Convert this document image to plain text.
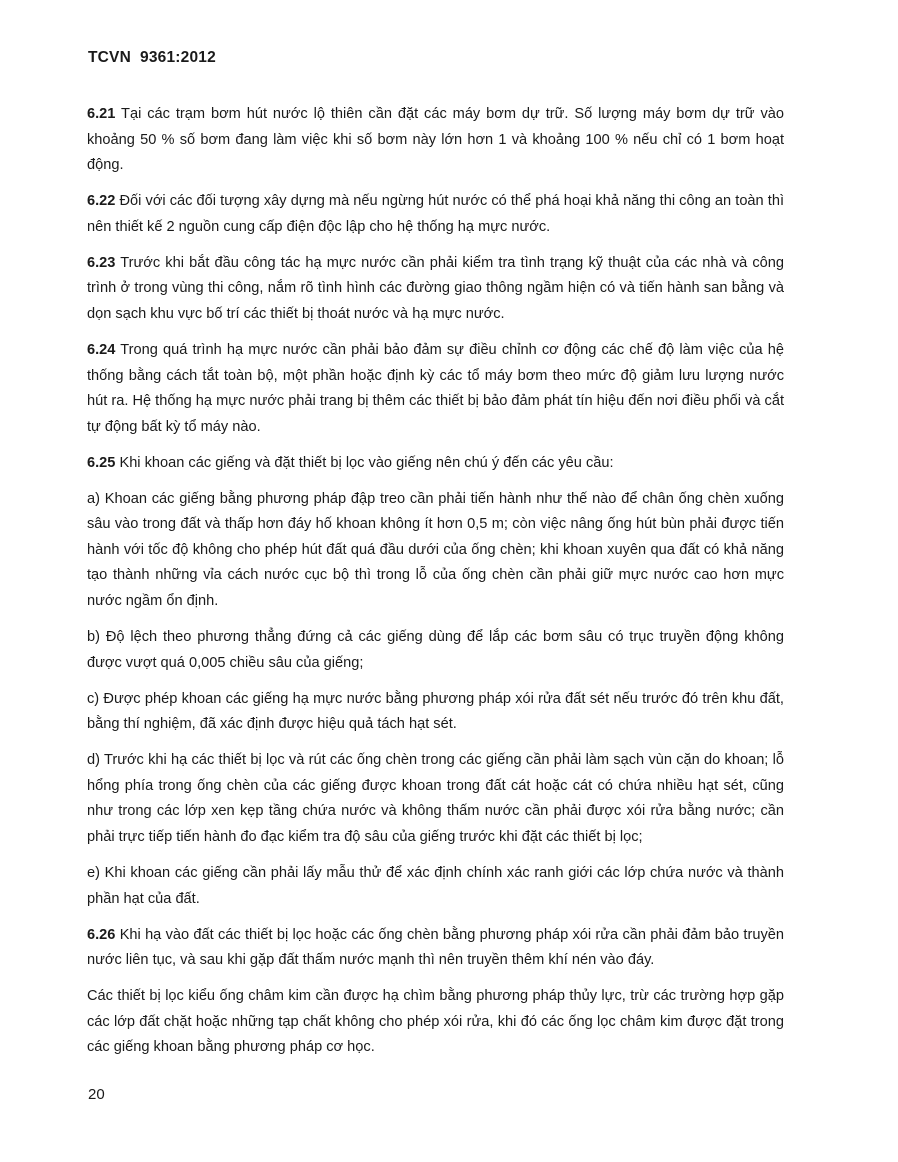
TCVN  9361:2012

6.21 Tại các trạm bơm hút nước lộ thiên cần đặt các máy bơm dự trữ. Số lượng máy bơm dự trữ vào khoảng 50 % số bơm đang làm việc khi số bơm này lớn hơn 1 và khoảng 100 % nếu chỉ có 1 bơm hoạt động.

6.22 Đối với các đối tượng xây dựng mà nếu ngừng hút nước có thể phá hoại khả năng thi công an toàn thì nên thiết kế 2 nguồn cung cấp điện độc lập cho hệ thống hạ mực nước.

6.23 Trước khi bắt đầu công tác hạ mực nước cần phải kiểm tra tình trạng kỹ thuật của các nhà và công trình ở trong vùng thi công, nắm rõ tình hình các đường giao thông ngầm hiện có và tiến hành san bằng và dọn sạch khu vực bố trí các thiết bị thoát nước và hạ mực nước.

6.24 Trong quá trình hạ mực nước cần phải bảo đảm sự điều chỉnh cơ động các chế độ làm việc của hệ thống bằng cách tắt toàn bộ, một phần hoặc định kỳ các tổ máy bơm theo mức độ giảm lưu lượng nước hút ra. Hệ thống hạ mực nước phải trang bị thêm các thiết bị bảo đảm phát tín hiệu đến nơi điều phối và cắt tự động bất kỳ tổ máy nào.

6.25 Khi khoan các giếng và đặt thiết bị lọc vào giếng nên chú ý đến các yêu cầu:

a) Khoan các giếng bằng phương pháp đập treo cần phải tiến hành như thế nào để chân ống chèn xuống sâu vào trong đất và thấp hơn đáy hố khoan không ít hơn 0,5 m; còn việc nâng ống hút bùn phải được tiến hành với tốc độ không cho phép hút đất quá đầu dưới của ống chèn; khi khoan xuyên qua đất có khả năng tạo thành những vỉa cách nước cục bộ thì trong lỗ của ống chèn cần phải giữ mực nước cao hơn mực nước ngầm ổn định.

b) Độ lệch theo phương thẳng đứng cả các giếng dùng để lắp các bơm sâu có trục truyền động không được vượt quá 0,005 chiều sâu của giếng;

c) Được phép khoan các giếng hạ mực nước bằng phương pháp xói rửa đất sét nếu trước đó trên khu đất, bằng thí nghiệm, đã xác định được hiệu quả tách hạt sét.

d) Trước khi hạ các thiết bị lọc và rút các ống chèn trong các giếng cần phải làm sạch vùn cặn do khoan; lỗ hổng phía trong ống chèn của các giếng được khoan trong đất cát hoặc cát có chứa nhiều hạt sét, cũng như trong các lớp xen kẹp tầng chứa nước và không thấm nước cần phải được xói rửa bằng nước; cần phải trực tiếp tiến hành đo đạc kiểm tra độ sâu của giếng trước khi đặt các thiết bị lọc;

e) Khi khoan các giếng cần phải lấy mẫu thử để xác định chính xác ranh giới các lớp chứa nước và thành phần hạt của đất.

6.26 Khi hạ vào đất các thiết bị lọc hoặc các ống chèn bằng phương pháp xói rửa cần phải đảm bảo truyền nước liên tục, và sau khi gặp đất thấm nước mạnh thì nên truyền thêm khí nén vào đáy.

Các thiết bị lọc kiểu ống châm kim cần được hạ chìm bằng phương pháp thủy lực, trừ các trường hợp gặp các lớp đất chặt hoặc những tạp chất không cho phép xói rửa, khi đó các ống lọc châm kim được đặt trong các giếng khoan bằng phương pháp cơ học.

20
